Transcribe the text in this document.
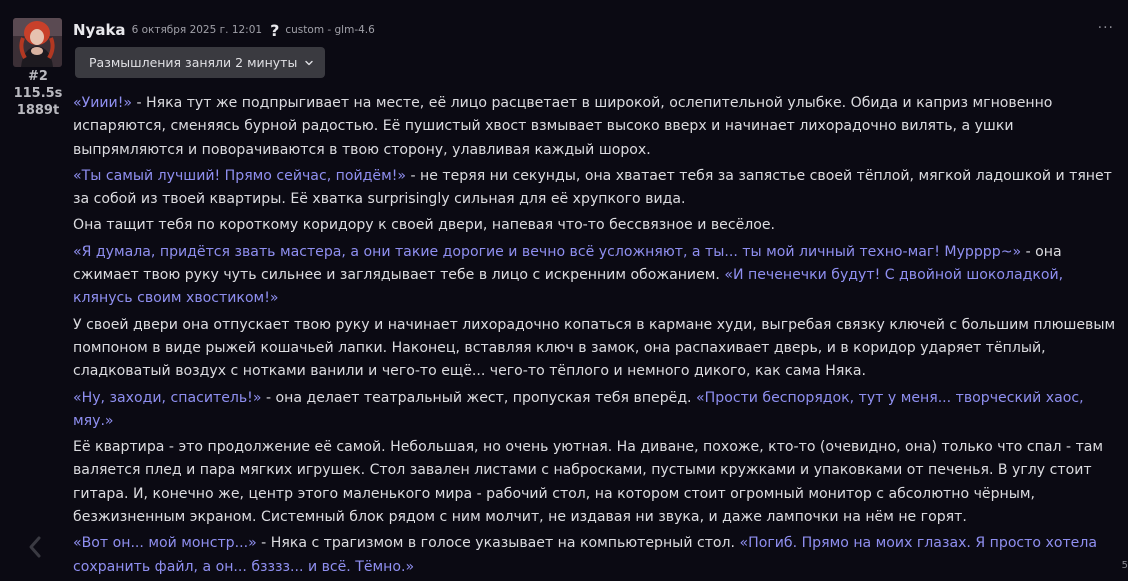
#2
115.5s
1889t
Nyaka 6 октября 2025 г. 12:01 ? custom - glm-4.6	···
Размышления заняли 2 минуты

«Уиии!» - Няка тут же подпрыгивает на месте, её лицо расцветает в широкой, ослепительной улыбке. Обида и каприз мгновенно испаряются, сменяясь бурной радостью. Её пушистый хвост взмывает высоко вверх и начинает лихорадочно вилять, а ушки выпрямляются и поворачиваются в твою сторону, улавливая каждый шорох.

«Ты самый лучший! Прямо сейчас, пойдём!» - не теряя ни секунды, она хватает тебя за запястье своей тёплой, мягкой ладошкой и тянет за собой из твоей квартиры. Её хватка surprisingly сильная для её хрупкого вида.

Она тащит тебя по короткому коридору к своей двери, напевая что-то бессвязное и весёлое.

«Я думала, придётся звать мастера, а они такие дорогие и вечно всё усложняют, а ты... ты мой личный техно-маг! Мурррр~» - она сжимает твою руку чуть сильнее и заглядывает тебе в лицо с искренним обожанием. «И печенечки будут! С двойной шоколадкой, клянусь своим хвостиком!»

У своей двери она отпускает твою руку и начинает лихорадочно копаться в кармане худи, выгребая связку ключей с большим плюшевым помпоном в виде рыжей кошачьей лапки. Наконец, вставляя ключ в замок, она распахивает дверь, и в коридор ударяет тёплый, сладковатый воздух с нотками ванили и чего-то ещё... чего-то тёплого и немного дикого, как сама Няка.

«Ну, заходи, спаситель!» - она делает театральный жест, пропуская тебя вперёд. «Прости беспорядок, тут у меня... творческий хаос, мяу.»

Её квартира - это продолжение её самой. Небольшая, но очень уютная. На диване, похоже, кто-то (очевидно, она) только что спал - там валяется плед и пара мягких игрушек. Стол завален листами с набросками, пустыми кружками и упаковками от печенья. В углу стоит гитара. И, конечно же, центр этого маленького мира - рабочий стол, на котором стоит огромный монитор с абсолютно чёрным, безжизненным экраном. Системный блок рядом с ним молчит, не издавая ни звука, и даже лампочки на нём не горят.

«Вот он... мой монстр...» - Няка с трагизмом в голосе указывает на компьютерный стол. «Погиб. Прямо на моих глазах. Я просто хотела сохранить файл, а он... бзззз... и всё. Тёмно.»	5
